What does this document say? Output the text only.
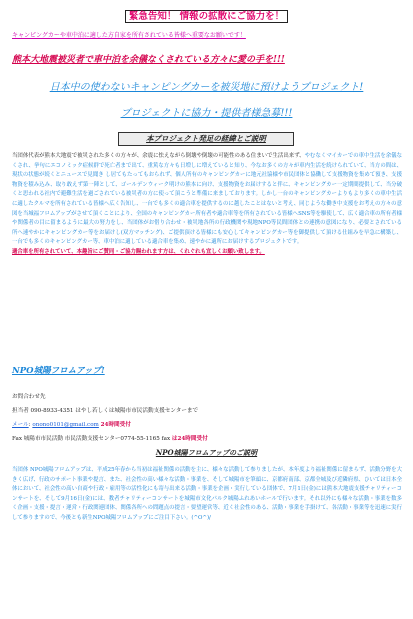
緊急告知！ 情報の拡散にご協力を！
キャンピングカーや車中泊に適した方自家を所有されている皆様へ重要なお願いです！
熊本大地震被災者で車中泊を余儀なくされている方々に愛の手を!!!
日本中の使わないキャンピングカーを被災地に預けようプロジェクト!
プロジェクトに協力・提供者様急募!!!
本プロジェクト発足の経緯とご説明
当団体代表が熊本大地震で被災された多くの方々が、余震に怯えながら倒壊や倒壊の可能性のある住まいで生活出来ず、やむなくマイカーでの車中生活を余儀なくされ、挙句にエコノミック症候群で死亡者まで出て、重篤な方々も日増しに増えていると知り、今なお多くの方々が車内生活を続けられていて、当方の間は、現状の状態が続くとニュースで見聞き し居てもたってもおられず、個人所有のキャンピングカーに地元社協様や市民団体と協働して支援物資を集めて預き、支援物資を積み込み、取り敢えず第一陣として、ゴールデンウィーク明けの熊本に向け、支援物資をお届けすると伴に、キャンピングカー一定期間提供して、当分破くと思われる社内で避難生活を過ごされている被災者の方に使って頂こうと準備に来ましております。しかし一台のキャンピングカーよりもより多くの車中生活に適したクルマを所有されている皆様へ広く告知し、一台でも多くの適合車を提供するのに越したことはないと考え、同じような働き中支援をお考えの方々の意図を当城福フロムアップがさせて頂くことにより、全国のキャンピングカー所有者や適合車等を所有されている皆様へSNS等を駆使して、広く適合車の所有者様や関係者の目に留まるように最大の努力をし、当団体がお借り合わせ・被災地各所の行政機関や現地NPO等民間団体との連携の意図になり、必要とされている所へ速やかにキャンピングカー等をお届けし(双方マッチング)、ご提供頂ける皆様にも安心してキャンピングカー等を御提供して頂ける仕組みを早急に構築し、一台でも多くのキャンピングカー等、車中泊に適している適合車を集め、速やかに適所にお届けするプロジェクトです。
適合車を所有されていて、本趣旨にご賛同・ご協力賜われます方は、くれぐれも宜しくお願い致します。
NPO城陽フロムアップ!
お問合わせ先
担当者 090-8933-4351 はやし若しくは城陽市市民活動支援センターまで
メール: onono0101@gmail.com 24時間受付
Fax 城陽市市民活動 市民活動支援センター0774-55-1165 fax は24時間受付
NPO城陽フロムアップのご説明
当団体 NPO城陽フロムアップは、平成25年春から当初は福祉関係の活動を主に、様々な活動して参りましたが、本年度より福祉関係に留まらず、活動分野を大きく広げ、行政のサポート事業や提言、また、社会性の高い様々な活動・事業を、そして城陽市を筆頭に、京都府南部、京都全城及び近隣府県、ひいては日本全体において、社会性の高い自商や行政・雇用等の活性化にも寄与出来る活動・事業を企画・実行している団体で、7月1日(金)には熊本大地震支援チャリティーコンサートを、そして9月16日(金)には、教者チャリティーコンサートを城陽市文化パルク城陽ふれあいホールで行います。それ以外にも様々な活動・事業を数多く企画・支援・提言・運営・行政関連団体、関係各所への問題点の提言・要望運営等、近く社会性のある、活動・事業を手掛けて、各活動・事業等を迅速に実行して参りますので、今後とも新生NPO城陽フロムアップにご注目下さい。(^O^)/
